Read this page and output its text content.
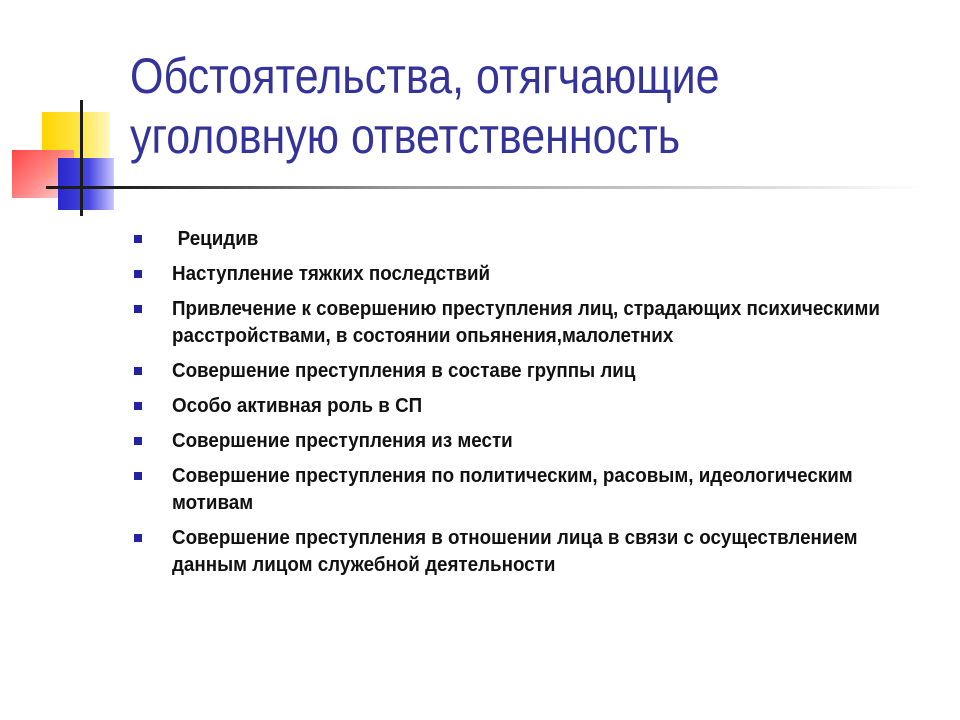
Обстоятельства, отягчающие
уголовную ответственность
Рецидив
Наступление тяжких последствий
Привлечение к совершению преступления лиц, страдающих психическими расстройствами, в состоянии опьянения,малолетних
Совершение преступления в составе группы лиц
Особо активная роль в СП
Совершение преступления из мести
Совершение преступления по политическим, расовым, идеологическим мотивам
Совершение преступления в отношении лица в связи с осуществлением данным лицом служебной деятельности
